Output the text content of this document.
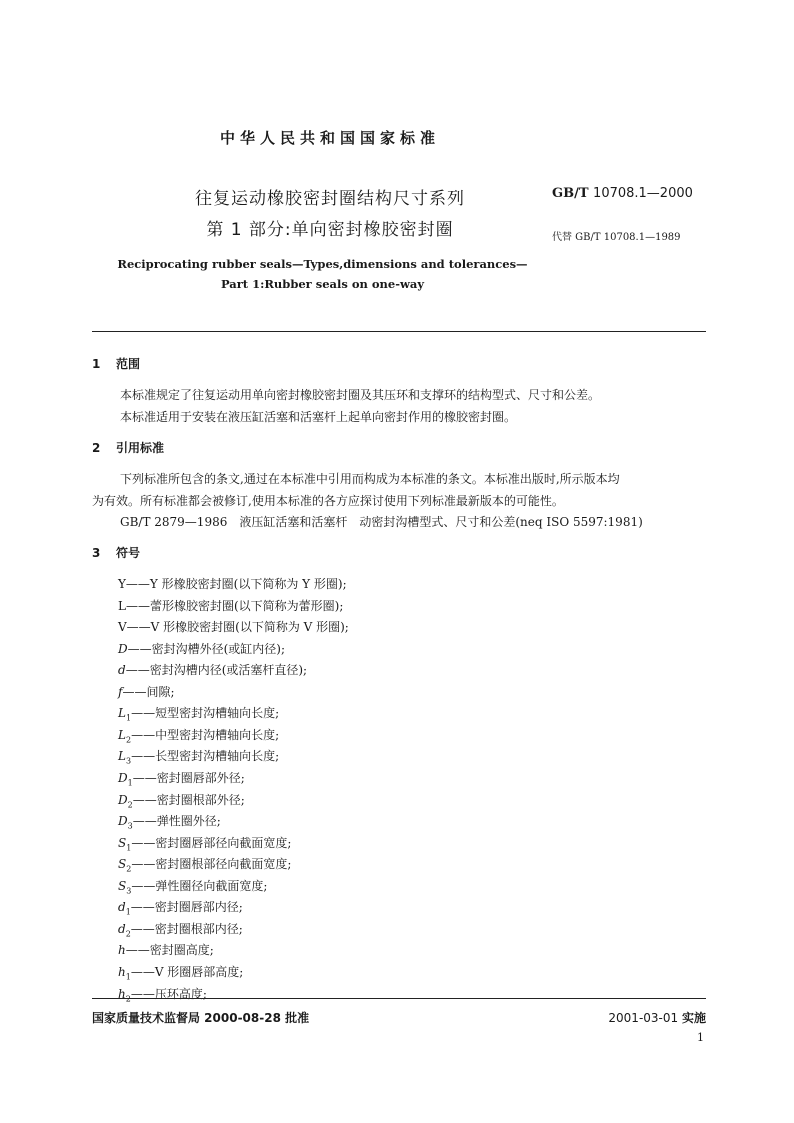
中华人民共和国国家标准
往复运动橡胶密封圈结构尺寸系列
第 1 部分:单向密封橡胶密封圈
GB/T 10708.1—2000
代替 GB/T 10708.1—1989
Reciprocating rubber seals—Types,dimensions and tolerances—
Part 1:Rubber seals on one-way
1 范围
本标准规定了往复运动用单向密封橡胶密封圈及其压环和支撑环的结构型式、尺寸和公差。
本标准适用于安装在液压缸活塞和活塞杆上起单向密封作用的橡胶密封圈。
2 引用标准
下列标准所包含的条文,通过在本标准中引用而构成为本标准的条文。本标准出版时,所示版本均
为有效。所有标准都会被修订,使用本标准的各方应探讨使用下列标准最新版本的可能性。
GB/T 2879—1986　液压缸活塞和活塞杆　动密封沟槽型式、尺寸和公差(neq ISO 5597:1981)
3 符号
Y——Y 形橡胶密封圈(以下简称为 Y 形圈);
L——蕾形橡胶密封圈(以下简称为蕾形圈);
V——V 形橡胶密封圈(以下简称为 V 形圈);
D——密封沟槽外径(或缸内径);
d——密封沟槽内径(或活塞杆直径);
f——间隙;
$L_1——$短型密封沟槽轴向长度;
$L_2——$中型密封沟槽轴向长度;
$L_3——$长型密封沟槽轴向长度;
$D_1——$密封圈唇部外径;
$D_2——$密封圈根部外径;
$D_3——$弹性圈外径;
$S_1——$密封圈唇部径向截面宽度;
$S_2——$密封圈根部径向截面宽度;
$S_3——$弹性圈径向截面宽度;
$d_1——$密封圈唇部内径;
$d_2——$密封圈根部内径;
h——密封圈高度;
$h_1——V$ 形圈唇部高度;
$h_2——$压环高度;
国家质量技术监督局 2000-08-28 批准	2001-03-01 实施
1
